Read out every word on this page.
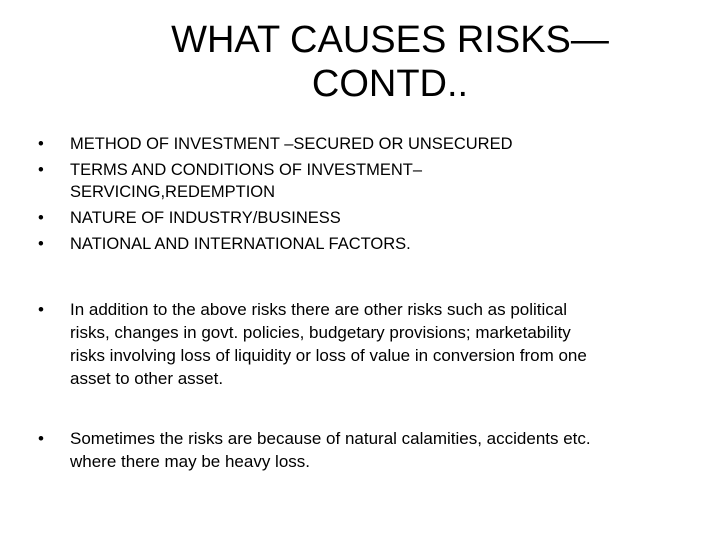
WHAT CAUSES RISKS—
CONTD..
•	METHOD OF INVESTMENT –SECURED OR UNSECURED
•	TERMS AND CONDITIONS OF INVESTMENT–
SERVICING,REDEMPTION
•	NATURE OF INDUSTRY/BUSINESS
•	NATIONAL AND INTERNATIONAL FACTORS.
•	In addition to the above risks there are other risks such as political
risks, changes in govt. policies, budgetary provisions; marketability
risks involving loss of liquidity or loss of value in conversion from one
asset to other asset.
•	Sometimes the risks are because of natural calamities, accidents etc.
where there may be heavy loss.
